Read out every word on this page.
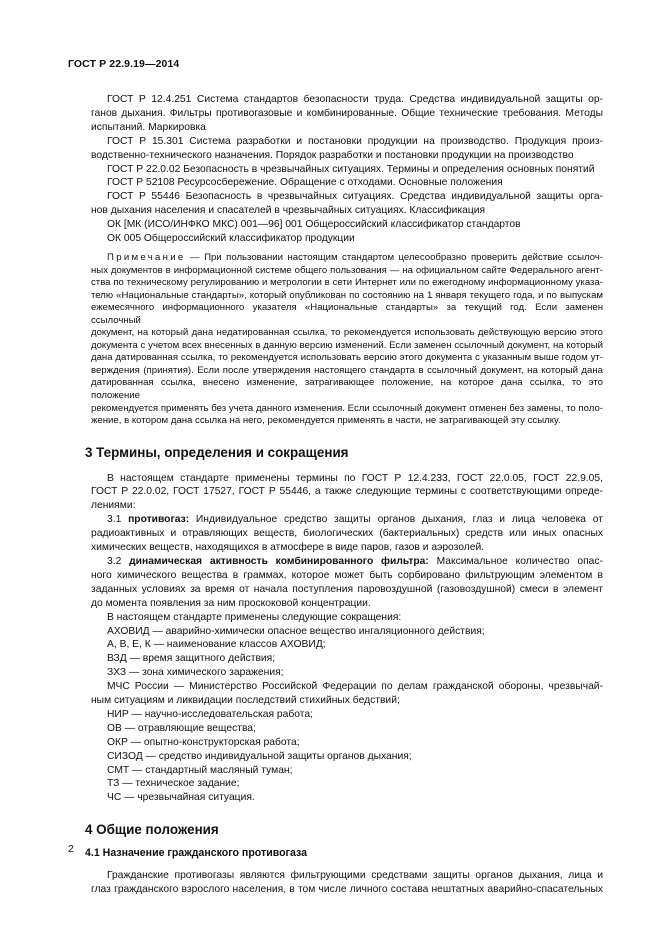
ГОСТ Р 22.9.19—2014
ГОСТ Р 12.4.251 Система стандартов безопасности труда. Средства индивидуальной защиты ор-
ганов дыхания. Фильтры противогазовые и комбинированные. Общие технические требования. Методы
испытаний. Маркировка
ГОСТ Р 15.301 Система разработки и постановки продукции на производство. Продукция произ-
водственно-технического назначения. Порядок разработки и постановки продукции на производство
ГОСТ Р 22.0.02 Безопасность в чрезвычайных ситуациях. Термины и определения основных понятий
ГОСТ Р 52108 Ресурсосбережение. Обращение с отходами. Основные положения
ГОСТ Р 55446 Безопасность в чрезвычайных ситуациях. Средства индивидуальной защиты орга-
нов дыхания населения и спасателей в чрезвычайных ситуациях. Классификация
ОК [МК (ИСО/ИНФКО МКС) 001—96] 001 Общероссийский классификатор стандартов
ОК 005 Общероссийский классификатор продукции
Примечание — При пользовании настоящим стандартом целесообразно проверить действие ссылоч-
ных документов в информационной системе общего пользования — на официальном сайте Федерального агент-
ства по техническому регулированию и метрологии в сети Интернет или по ежегодному информационному указа-
телю «Национальные стандарты», который опубликован по состоянию на 1 января текущего года, и по выпускам
ежемесячного информационного указателя «Национальные стандарты» за текущий год. Если заменен ссылочный
документ, на который дана недатированная ссылка, то рекомендуется использовать действующую версию этого
документа с учетом всех внесенных в данную версию изменений. Если заменен ссылочный документ, на который
дана датированная ссылка, то рекомендуется использовать версию этого документа с указанным выше годом ут-
верждения (принятия). Если после утверждения настоящего стандарта в ссылочный документ, на который дана
датированная ссылка, внесено изменение, затрагивающее положение, на которое дана ссылка, то это положение
рекомендуется применять без учета данного изменения. Если ссылочный документ отменен без замены, то поло-
жение, в котором дана ссылка на него, рекомендуется применять в части, не затрагивающей эту ссылку.
3 Термины, определения и сокращения
В настоящем стандарте применены термины по ГОСТ Р 12.4.233, ГОСТ 22.0.05, ГОСТ 22.9.05,
ГОСТ Р 22.0.02, ГОСТ 17527, ГОСТ Р 55446, а также следующие термины с соответствующими опреде-
лениями:
3.1 противогаз: Индивидуальное средство защиты органов дыхания, глаз и лица человека от
радиоактивных и отравляющих веществ, биологических (бактериальных) средств или иных опасных
химических веществ, находящихся в атмосфере в виде паров, газов и аэрозолей.
3.2 динамическая активность комбинированного фильтра: Максимальное количество опас-
ного химического вещества в граммах, которое может быть сорбировано фильтрующим элементом в
заданных условиях за время от начала поступления паровоздушной (газовоздушной) смеси в элемент
до момента появления за ним проскоковой концентрации.
В настоящем стандарте применены следующие сокращения:
АХОВИД — аварийно-химически опасное вещество ингаляционного действия;
А, В, Е, К — наименование классов АХОВИД;
ВЗД — время защитного действия;
ЗХЗ — зона химического заражения;
МЧС России — Министерство Российской Федерации по делам гражданской обороны, чрезвычай-
ным ситуациям и ликвидации последствий стихийных бедствий;
НИР — научно-исследовательская работа;
ОВ — отравляющие вещества;
ОКР — опытно-конструкторская работа;
СИЗОД — средство индивидуальной защиты органов дыхания;
СМТ — стандартный масляный туман;
ТЗ — техническое задание;
ЧС — чрезвычайная ситуация.
4 Общие положения
4.1 Назначение гражданского противогаза
Гражданские противогазы являются фильтрующими средствами защиты органов дыхания, лица и
глаз гражданского взрослого населения, в том числе личного состава нештатных аварийно-спасательных
2
